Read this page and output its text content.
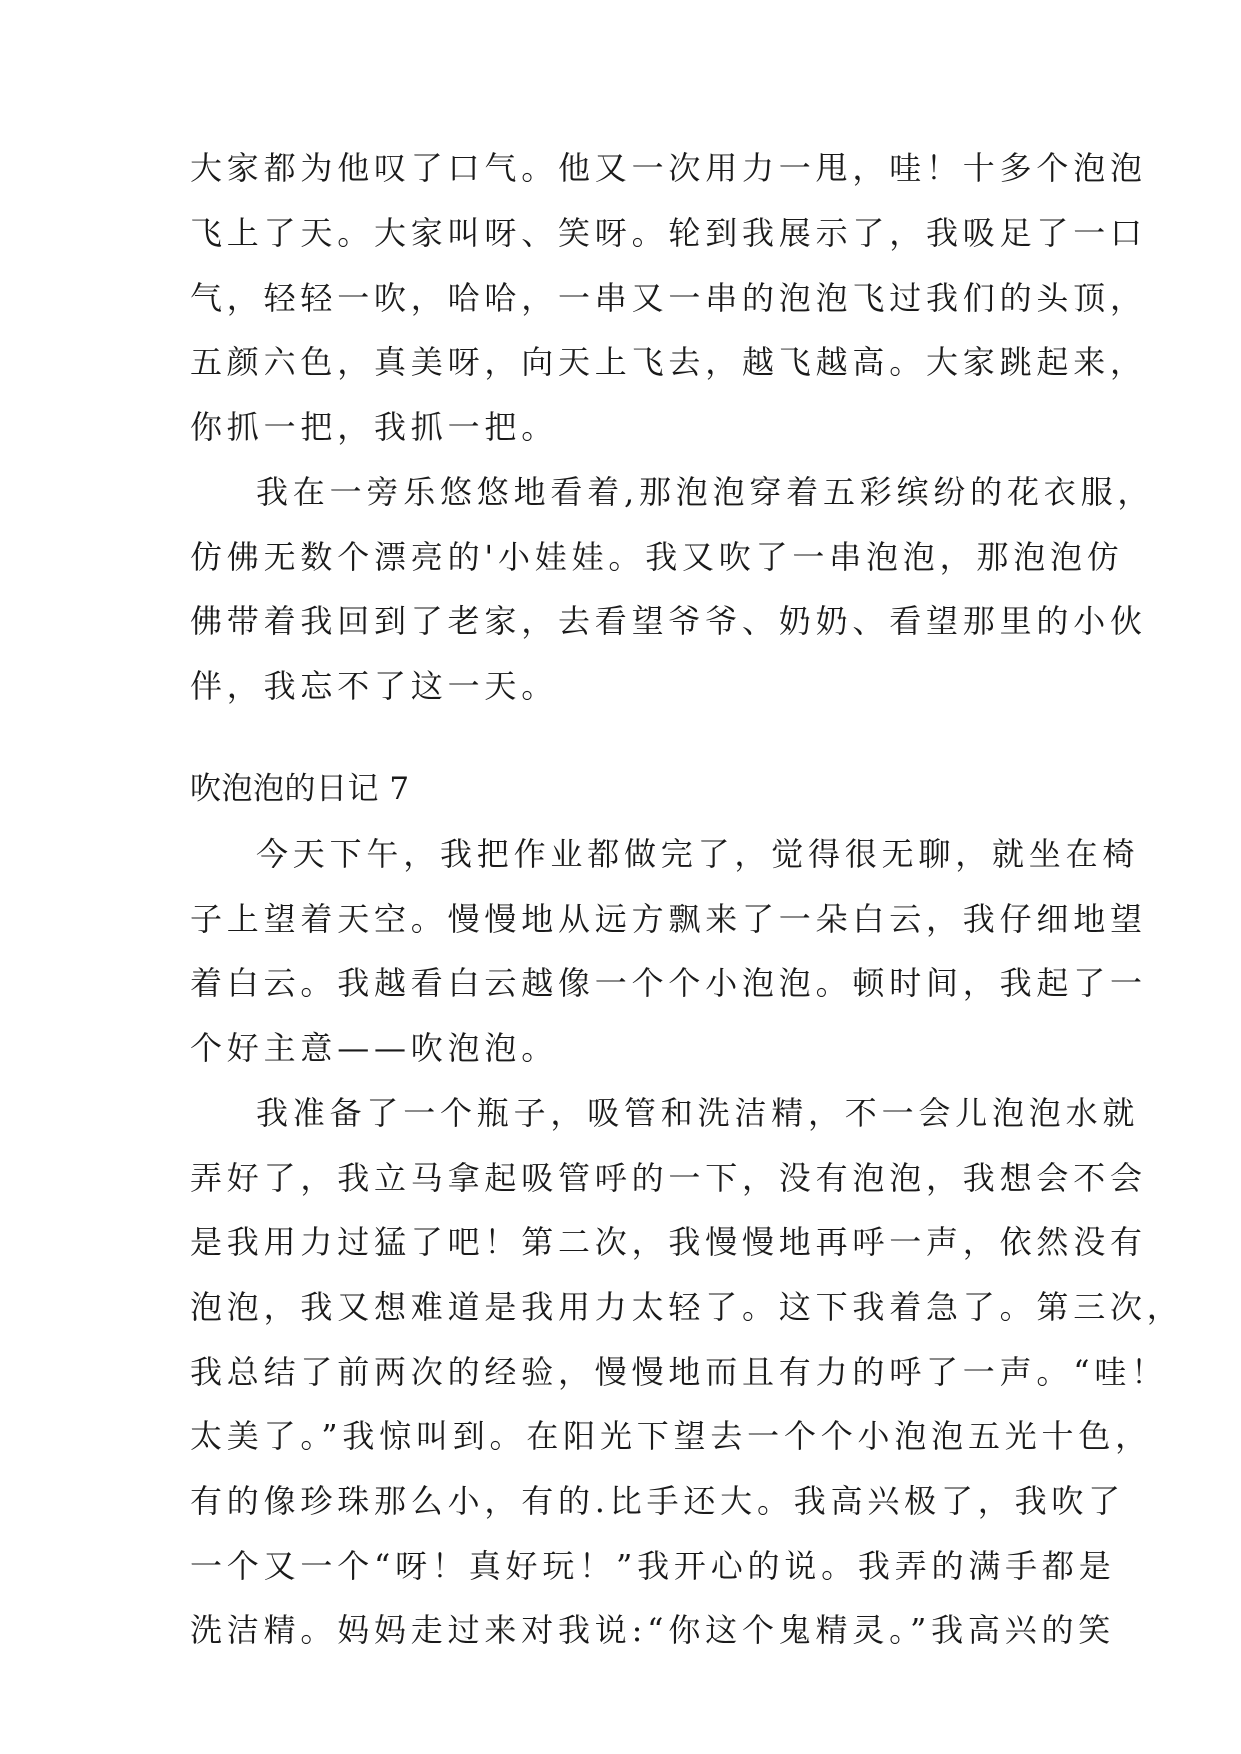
大家都为他叹了口气。他又一次用力一甩，哇！十多个泡泡
飞上了天。大家叫呀、笑呀。轮到我展示了，我吸足了一口
气，轻轻一吹，哈哈，一串又一串的泡泡飞过我们的头顶，
五颜六色，真美呀，向天上飞去，越飞越高。大家跳起来，
你抓一把，我抓一把。
我在一旁乐悠悠地看着,那泡泡穿着五彩缤纷的花衣服，
仿佛无数个漂亮的'小娃娃。我又吹了一串泡泡，那泡泡仿
佛带着我回到了老家，去看望爷爷、奶奶、看望那里的小伙
伴，我忘不了这一天。
吹泡泡的日记 7
今天下午，我把作业都做完了，觉得很无聊，就坐在椅
子上望着天空。慢慢地从远方飘来了一朵白云，我仔细地望
着白云。我越看白云越像一个个小泡泡。顿时间，我起了一
个好主意——吹泡泡。
我准备了一个瓶子，吸管和洗洁精，不一会儿泡泡水就
弄好了，我立马拿起吸管呼的一下，没有泡泡，我想会不会
是我用力过猛了吧！第二次，我慢慢地再呼一声，依然没有
泡泡，我又想难道是我用力太轻了。这下我着急了。第三次，
我总结了前两次的经验，慢慢地而且有力的呼了一声。“哇！
太美了。”我惊叫到。在阳光下望去一个个小泡泡五光十色，
有的像珍珠那么小，有的.比手还大。我高兴极了，我吹了
一个又一个“呀！真好玩！”我开心的说。我弄的满手都是
洗洁精。妈妈走过来对我说:“你这个鬼精灵。”我高兴的笑
